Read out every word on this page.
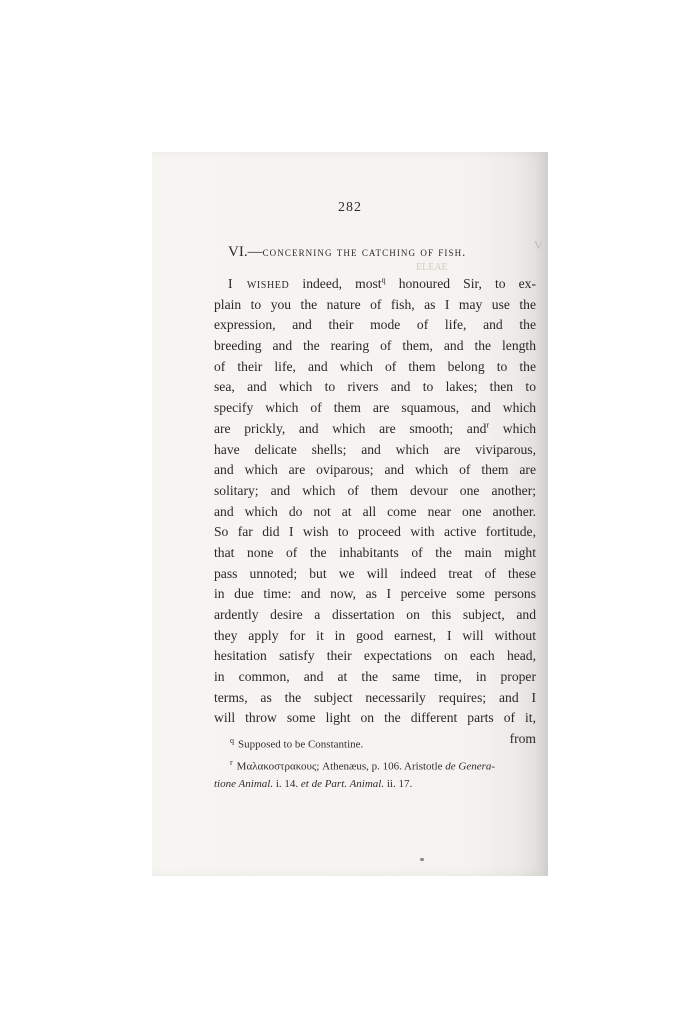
V
ELEAE
282
VI.—concerning the catching of fish.
I wished indeed, most$^q$ honoured Sir, to ex-
plain to you the nature of fish, as I may use the
expression, and their mode of life, and the
breeding and the rearing of them, and the length
of their life, and which of them belong to the
sea, and which to rivers and to lakes; then to
specify which of them are squamous, and which
are prickly, and which are smooth; and$^r$ which
have delicate shells; and which are viviparous,
and which are oviparous; and which of them are
solitary; and which of them devour one another;
and which do not at all come near one another.
So far did I wish to proceed with active fortitude,
that none of the inhabitants of the main might
pass unnoted; but we will indeed treat of these
in due time: and now, as I perceive some persons
ardently desire a dissertation on this subject, and
they apply for it in good earnest, I will without
hesitation satisfy their expectations on each head,
in common, and at the same time, in proper
terms, as the subject necessarily requires; and I
will throw some light on the different parts of it,
from
$^q$ Supposed to be Constantine.
$^r$ Μαλακοστρακους; Athenæus, p. 106. Aristotle de Genera-
tione Animal. i. 14. et de Part. Animal. ii. 17.
